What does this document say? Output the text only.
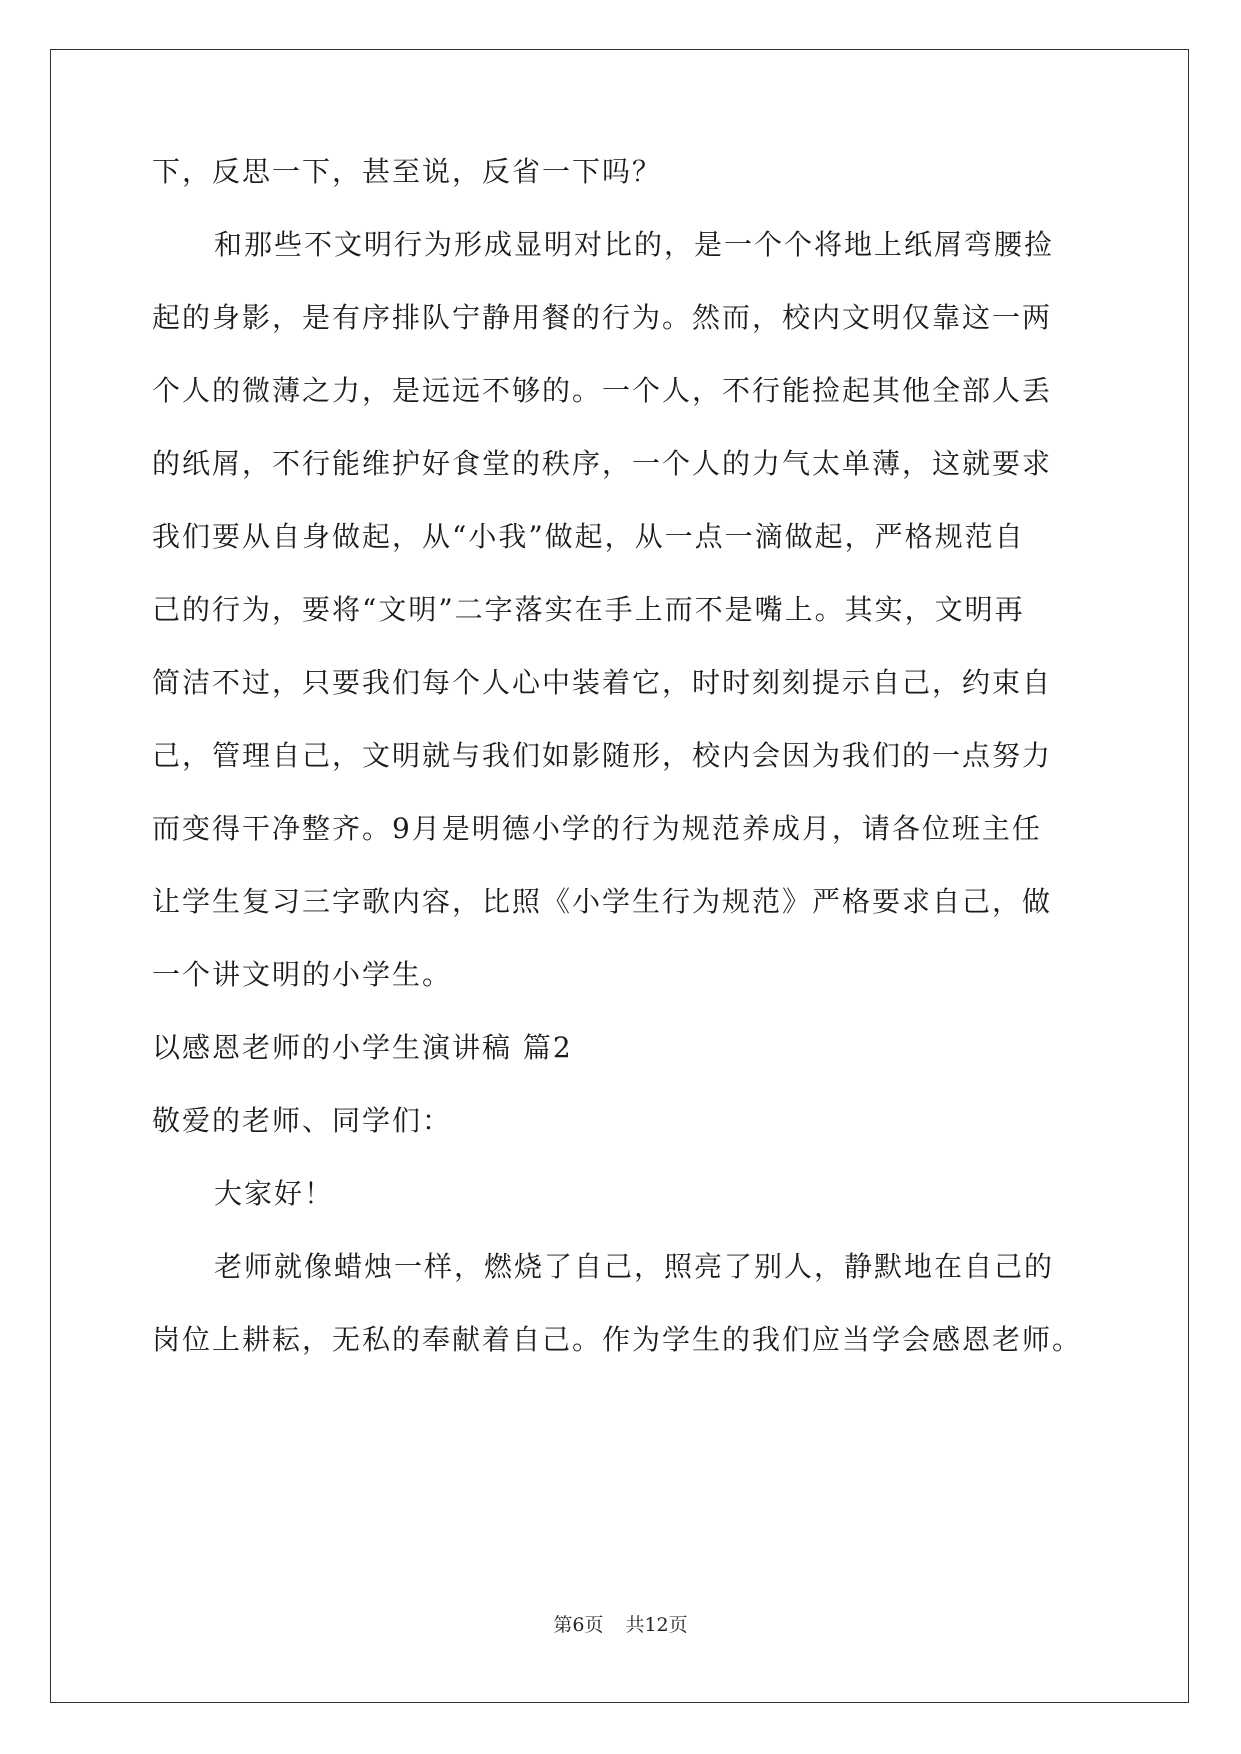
下，反思一下，甚至说，反省一下吗？
和那些不文明行为形成显明对比的，是一个个将地上纸屑弯腰捡
起的身影，是有序排队宁静用餐的行为。然而，校内文明仅靠这一两
个人的微薄之力，是远远不够的。一个人，不行能捡起其他全部人丢
的纸屑，不行能维护好食堂的秩序，一个人的力气太单薄，这就要求
我们要从自身做起，从“小我”做起，从一点一滴做起，严格规范自
己的行为，要将“文明”二字落实在手上而不是嘴上。其实，文明再
简洁不过，只要我们每个人心中装着它，时时刻刻提示自己，约束自
己，管理自己，文明就与我们如影随形，校内会因为我们的一点努力
而变得干净整齐。9月是明德小学的行为规范养成月，请各位班主任
让学生复习三字歌内容，比照《小学生行为规范》严格要求自己，做
一个讲文明的小学生。
以感恩老师的小学生演讲稿 篇2
敬爱的老师、同学们：
大家好！
老师就像蜡烛一样，燃烧了自己，照亮了别人，静默地在自己的
岗位上耕耘，无私的奉献着自己。作为学生的我们应当学会感恩老师。
第6页 共12页
